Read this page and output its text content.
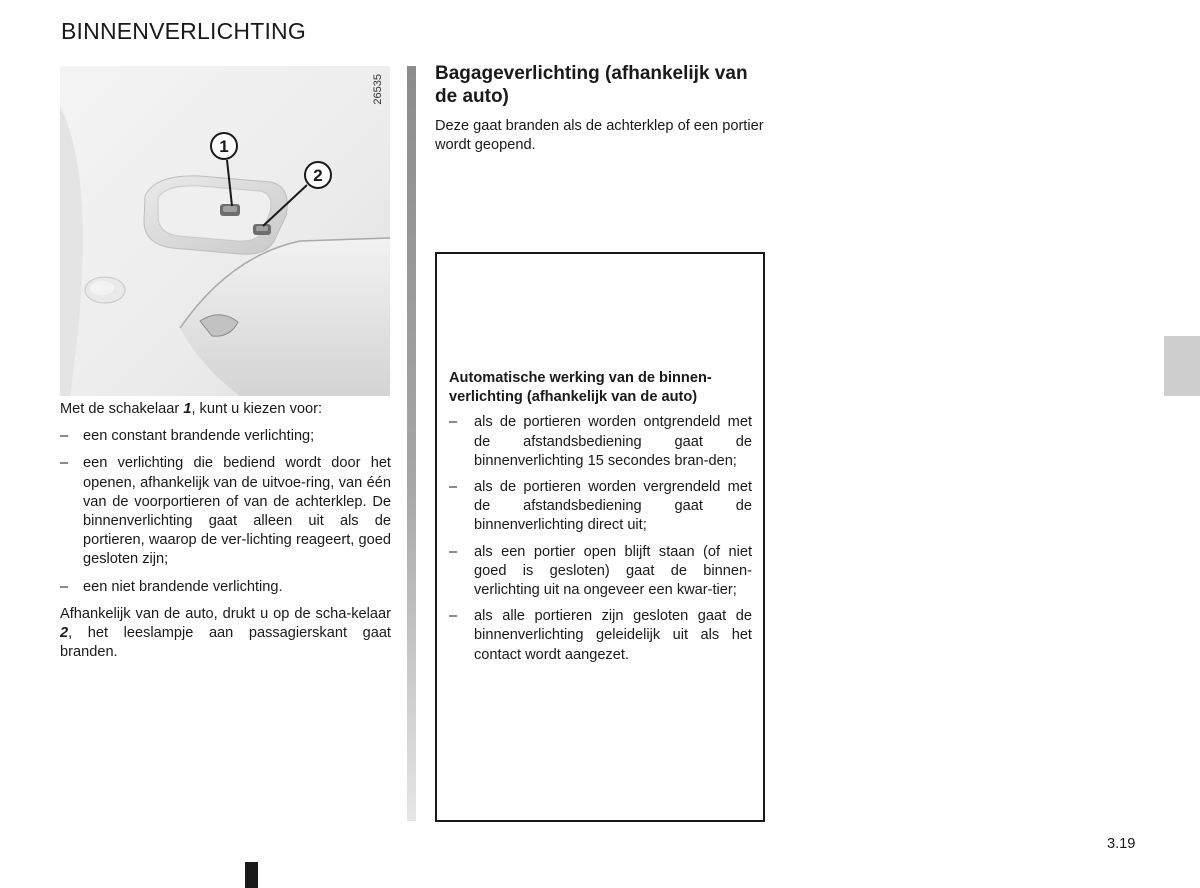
BINNENVERLICHTING
1
2
26535

Met de schakelaar 1, kunt u kiezen voor:

– een constant brandende verlichting;
– een verlichting die bediend wordt door het openen, afhankelijk van de uitvoe-ring, van één van de voorportieren of van de achterklep. De binnenverlichting gaat alleen uit als de portieren, waarop de ver-lichting reageert, goed gesloten zijn;
– een niet brandende verlichting.

Afhankelijk van de auto, drukt u op de scha-kelaar 2, het leeslampje aan passagierskant gaat branden.

Bagageverlichting (afhankelijk van de auto)
Deze gaat branden als de achterklep of een portier wordt geopend.

Automatische werking van de binnen-verlichting (afhankelijk van de auto)

– als de portieren worden ontgrendeld met de afstandsbediening gaat de binnenverlichting 15 secondes bran-den;
– als de portieren worden vergrendeld met de afstandsbediening gaat de binnenverlichting direct uit;
– als een portier open blijft staan (of niet goed is gesloten) gaat de binnen-verlichting uit na ongeveer een kwar-tier;
– als alle portieren zijn gesloten gaat de binnenverlichting geleidelijk uit als het contact wordt aangezet.
3.19
